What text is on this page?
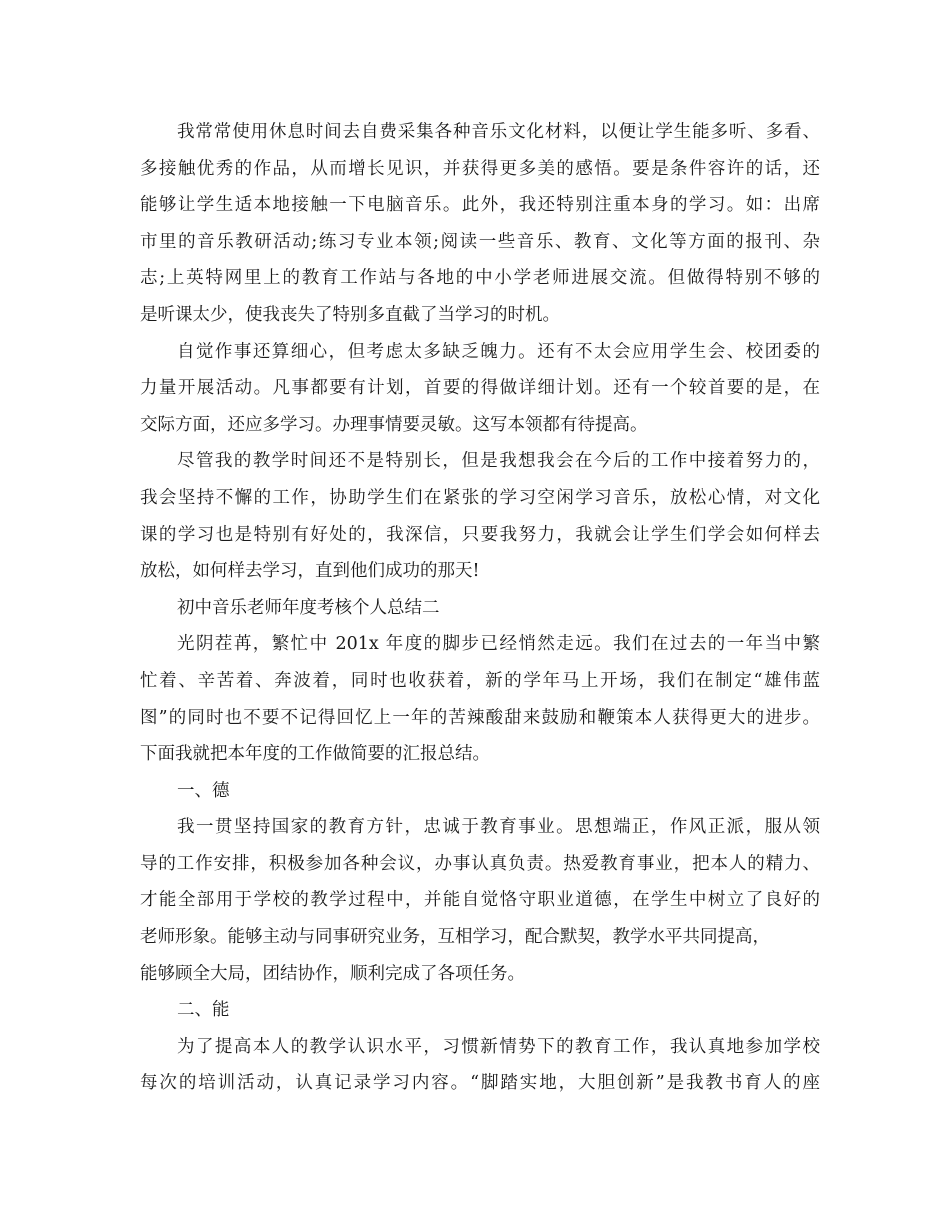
我常常使用休息时间去自费采集各种音乐文化材料，以便让学生能多听、多看、
多接触优秀的作品，从而增长见识，并获得更多美的感悟。要是条件容许的话，还
能够让学生适本地接触一下电脑音乐。此外，我还特别注重本身的学习。如：出席
市里的音乐教研活动;练习专业本领;阅读一些音乐、教育、文化等方面的报刊、杂
志;上英特网里上的教育工作站与各地的中小学老师进展交流。但做得特别不够的
是听课太少，使我丧失了特别多直截了当学习的时机。
自觉作事还算细心，但考虑太多缺乏魄力。还有不太会应用学生会、校团委的
力量开展活动。凡事都要有计划，首要的得做详细计划。还有一个较首要的是，在
交际方面，还应多学习。办理事情要灵敏。这写本领都有待提高。
尽管我的教学时间还不是特别长，但是我想我会在今后的工作中接着努力的，
我会坚持不懈的工作，协助学生们在紧张的学习空闲学习音乐，放松心情，对文化
课的学习也是特别有好处的，我深信，只要我努力，我就会让学生们学会如何样去
放松，如何样去学习，直到他们成功的那天!
初中音乐老师年度考核个人总结二
光阴茬苒，繁忙中 201x 年度的脚步已经悄然走远。我们在过去的一年当中繁
忙着、辛苦着、奔波着，同时也收获着，新的学年马上开场，我们在制定“雄伟蓝
图”的同时也不要不记得回忆上一年的苦辣酸甜来鼓励和鞭策本人获得更大的进步。
下面我就把本年度的工作做简要的汇报总结。
一、德
我一贯坚持国家的教育方针，忠诚于教育事业。思想端正，作风正派，服从领
导的工作安排，积极参加各种会议，办事认真负责。热爱教育事业，把本人的精力、
才能全部用于学校的教学过程中，并能自觉恪守职业道德，在学生中树立了良好的
老师形象。能够主动与同事研究业务，互相学习，配合默契，教学水平共同提高，
能够顾全大局，团结协作，顺利完成了各项任务。
二、能
为了提高本人的教学认识水平，习惯新情势下的教育工作，我认真地参加学校
每次的培训活动，认真记录学习内容。“脚踏实地，大胆创新”是我教书育人的座
